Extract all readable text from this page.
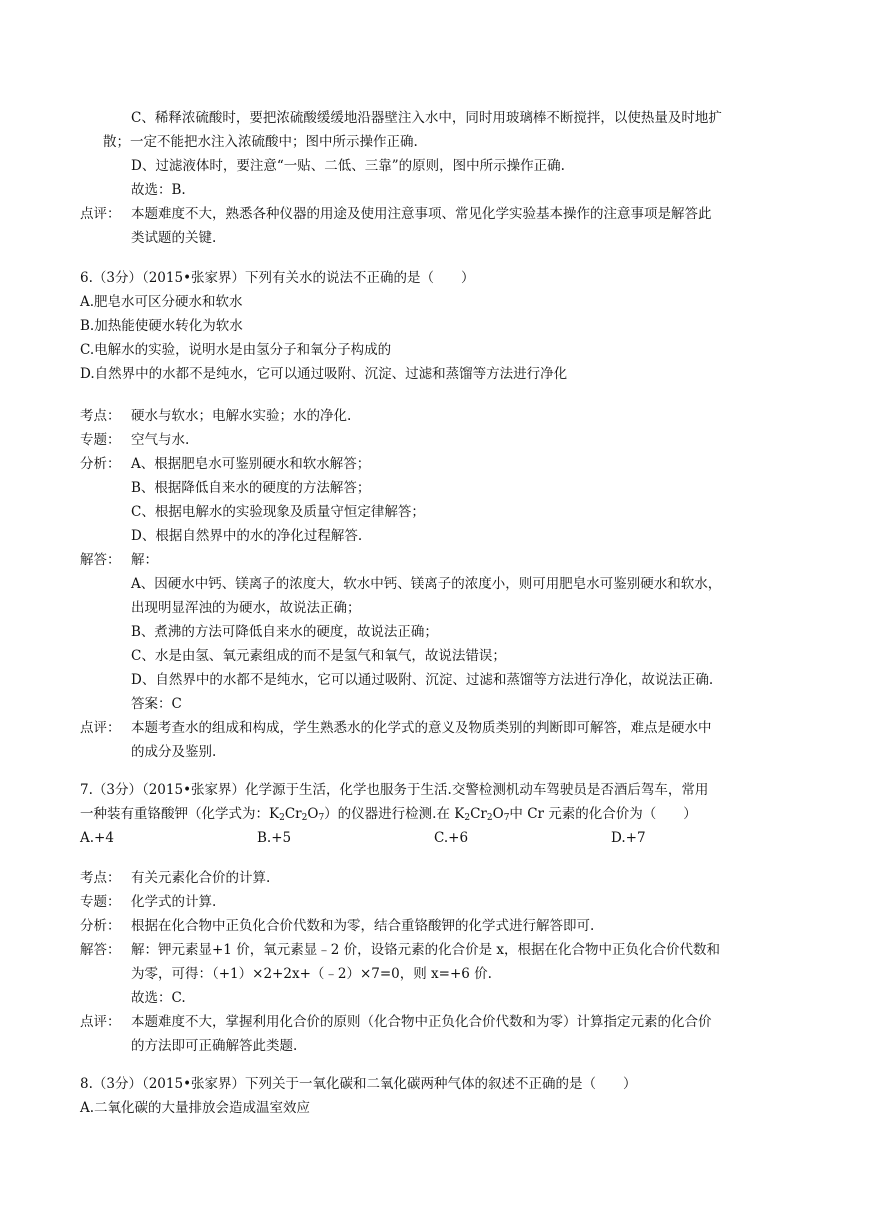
C、稀释浓硫酸时，要把浓硫酸缓缓地沿器壁注入水中，同时用玻璃棒不断搅拌，以使热量及时地扩
散；一定不能把水注入浓硫酸中；图中所示操作正确.
D、过滤液体时，要注意“一贴、二低、三靠”的原则，图中所示操作正确.
故选：B.
点评： 本题难度不大，熟悉各种仪器的用途及使用注意事项、常见化学实验基本操作的注意事项是解答此
类试题的关键.
6.（3分）（2015•张家界）下列有关水的说法不正确的是（　　）
A.肥皂水可区分硬水和软水
B.加热能使硬水转化为软水
C.电解水的实验，说明水是由氢分子和氧分子构成的
D.自然界中的水都不是纯水，它可以通过吸附、沉淀、过滤和蒸馏等方法进行净化
考点： 硬水与软水；电解水实验；水的净化.
专题： 空气与水.
分析： A、根据肥皂水可鉴别硬水和软水解答；
B、根据降低自来水的硬度的方法解答；
C、根据电解水的实验现象及质量守恒定律解答；
D、根据自然界中的水的净化过程解答.
解答： 解：
A、因硬水中钙、镁离子的浓度大，软水中钙、镁离子的浓度小，则可用肥皂水可鉴别硬水和软水，
出现明显浑浊的为硬水，故说法正确；
B、煮沸的方法可降低自来水的硬度，故说法正确；
C、水是由氢、氧元素组成的而不是氢气和氧气，故说法错误；
D、自然界中的水都不是纯水，它可以通过吸附、沉淀、过滤和蒸馏等方法进行净化，故说法正确.
答案：C
点评： 本题考查水的组成和构成，学生熟悉水的化学式的意义及物质类别的判断即可解答，难点是硬水中
的成分及鉴别.
7.（3分）（2015•张家界）化学源于生活，化学也服务于生活.交警检测机动车驾驶员是否酒后驾车，常用
一种装有重铬酸钾（化学式为：$K_2Cr_2O_7$）的仪器进行检测.在 $K_2Cr_2O_7$中 Cr 元素的化合价为（　　）
A.+4	B.+5	C.+6	D.+7
考点： 有关元素化合价的计算.
专题： 化学式的计算.
分析： 根据在化合物中正负化合价代数和为零，结合重铬酸钾的化学式进行解答即可.
解答： 解：钾元素显+1 价，氧元素显﹣2 价，设铬元素的化合价是 x，根据在化合物中正负化合价代数和
为零，可得：（+1）×2+2x+（﹣2）×7=0，则 x=+6 价.
故选：C.
点评： 本题难度不大，掌握利用化合价的原则（化合物中正负化合价代数和为零）计算指定元素的化合价
的方法即可正确解答此类题.
8.（3分）（2015•张家界）下列关于一氧化碳和二氧化碳两种气体的叙述不正确的是（　　）
A.二氧化碳的大量排放会造成温室效应
